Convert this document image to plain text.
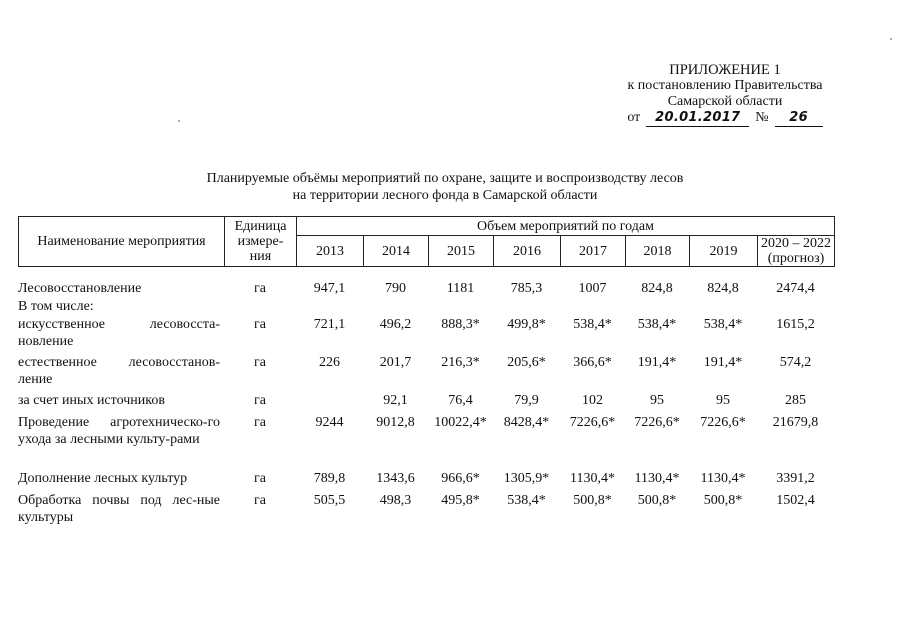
ПРИЛОЖЕНИЕ 1
к постановлению Правительства
Самарской области
от	20.01.2017	№	26
Планируемые объёмы мероприятий по охране, защите и воспроизводству лесов
на территории лесного фонда в Самарской области
Наименование мероприятия	Единица измере-ния	Объем мероприятий по годам							
		2013	2014	2015	2016	2017	2018	2019	2020 – 2022 (прогноз)
Лесовосстановление	га	947,1	790	1181	785,3	1007	824,8	824,8	2474,4
В том числе:									
искусственное лесовосста-новление	га	721,1	496,2	888,3*	499,8*	538,4*	538,4*	538,4*	1615,2
естественное лесовосстанов-ление	га	226	201,7	216,3*	205,6*	366,6*	191,4*	191,4*	574,2
за счет иных источников	га		92,1	76,4	79,9	102	95	95	285
Проведение агротехническо-го ухода за лесными культу-рами	га	9244	9012,8	10022,4*	8428,4*	7226,6*	7226,6*	7226,6*	21679,8
Дополнение лесных культур	га	789,8	1343,6	966,6*	1305,9*	1130,4*	1130,4*	1130,4*	3391,2
Обработка почвы под лес-ные культуры	га	505,5	498,3	495,8*	538,4*	500,8*	500,8*	500,8*	1502,4
